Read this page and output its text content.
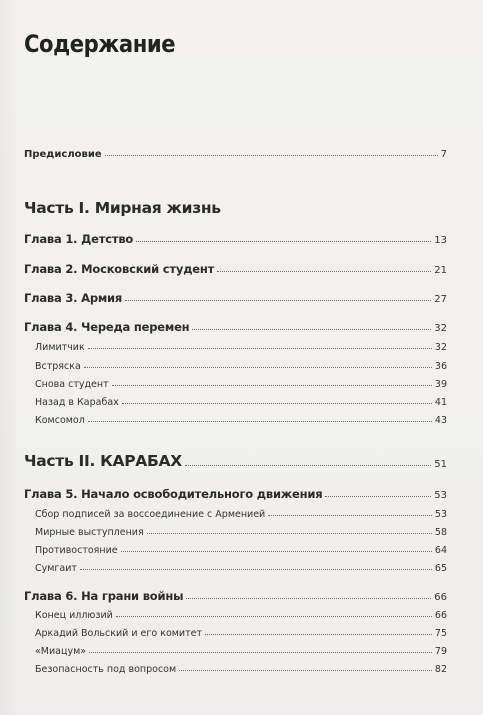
Содержание
Предисловие	7
Часть I. Мирная жизнь
Глава 1. Детство	13
Глава 2. Московский студент	21
Глава 3. Армия	27
Глава 4. Череда перемен	32
Лимитчик	32
Встряска	36
Снова студент	39
Назад в Карабах	41
Комсомол	43
Часть II. КАРАБАХ	51
Глава 5. Начало освободительного движения	53
Сбор подписей за воссоединение с Арменией	53
Мирные выступления	58
Противостояние	64
Сумгаит	65
Глава 6. На грани войны	66
Конец иллюзий	66
Аркадий Вольский и его комитет	75
«Миацум»	79
Безопасность под вопросом	82
